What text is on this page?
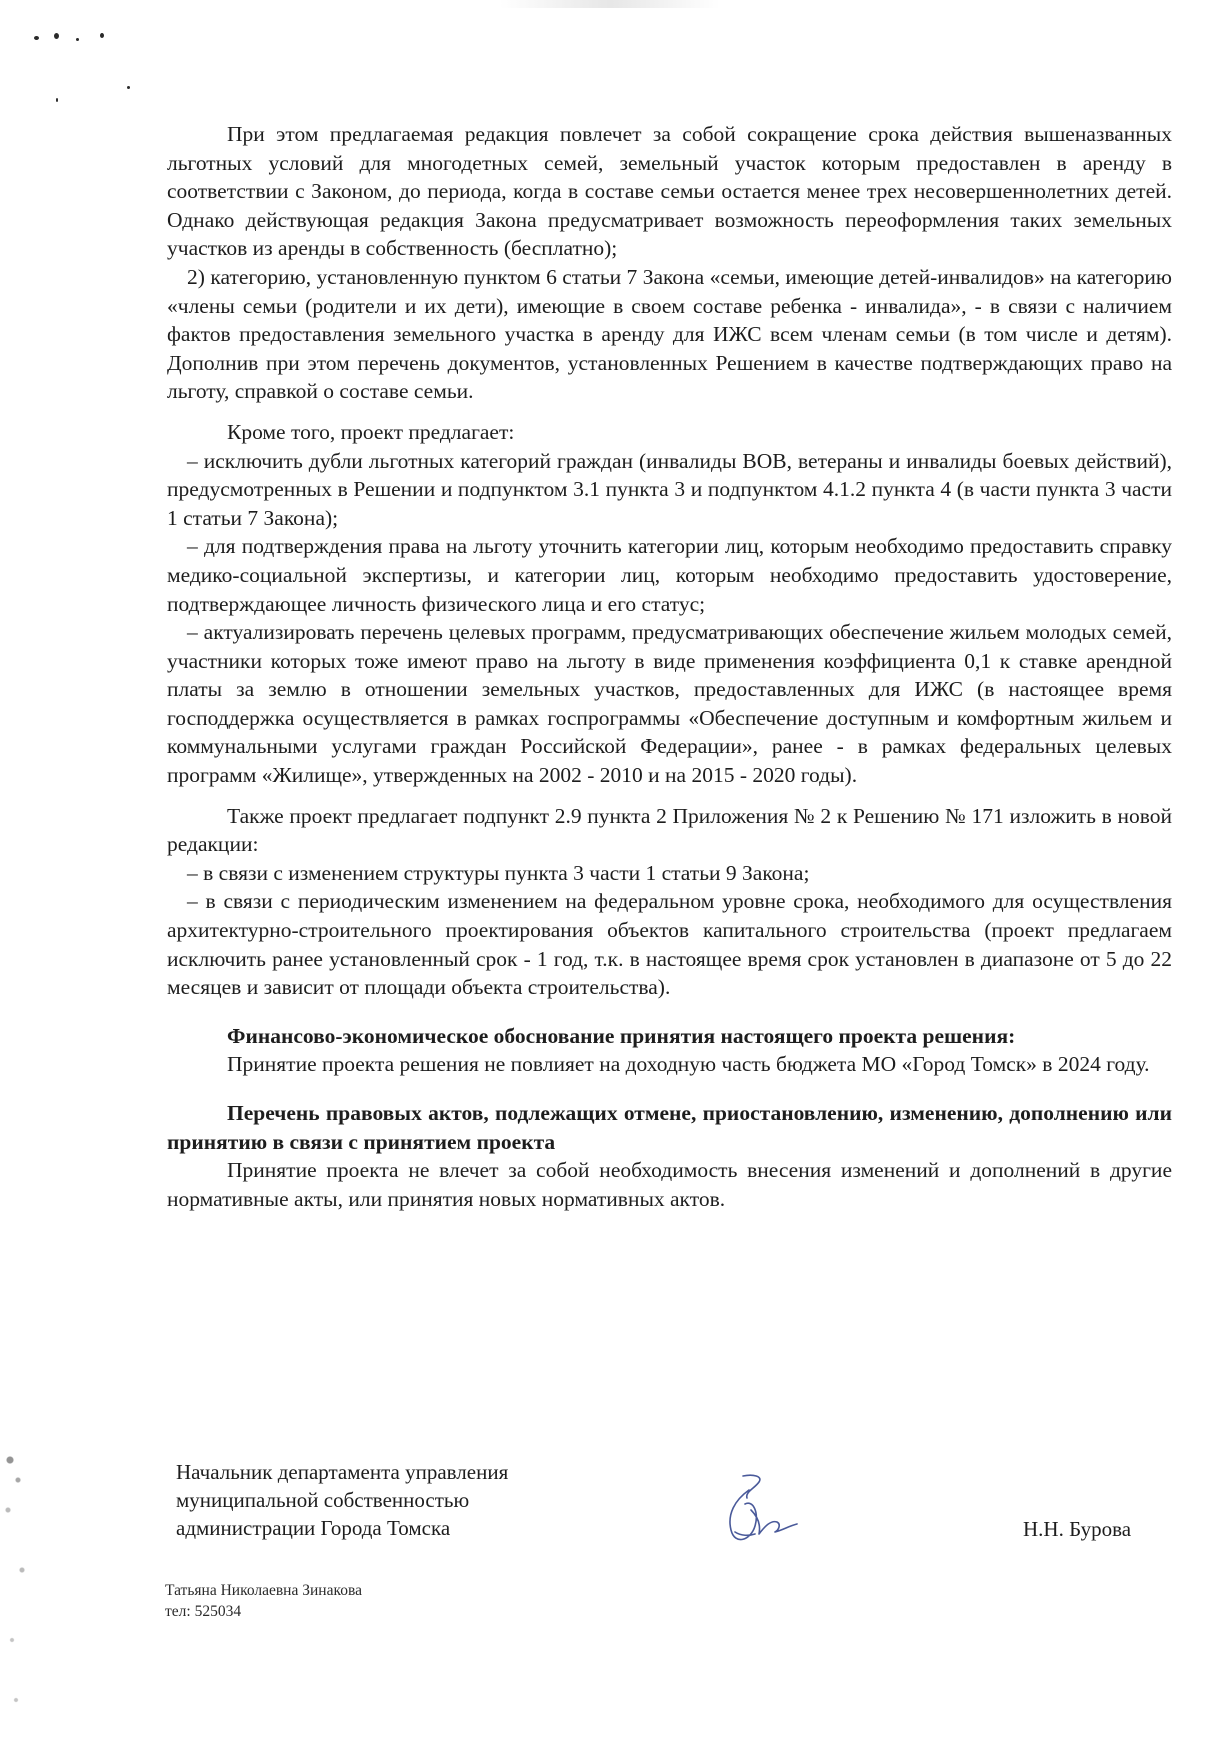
При этом предлагаемая редакция повлечет за собой сокращение срока действия вышеназванных льготных условий для многодетных семей, земельный участок которым предоставлен в аренду в соответствии с Законом, до периода, когда в составе семьи остается менее трех несовершеннолетних детей. Однако действующая редакция Закона предусматривает возможность переоформления таких земельных участков из аренды в собственность (бесплатно);

2) категорию, установленную пунктом 6 статьи 7 Закона «семьи, имеющие детей-инвалидов» на категорию «члены семьи (родители и их дети), имеющие в своем составе ребенка - инвалида», - в связи с наличием фактов предоставления земельного участка в аренду для ИЖС всем членам семьи (в том числе и детям). Дополнив при этом перечень документов, установленных Решением в качестве подтверждающих право на льготу, справкой о составе семьи.

Кроме того, проект предлагает:

– исключить дубли льготных категорий граждан (инвалиды ВОВ, ветераны и инвалиды боевых действий), предусмотренных в Решении и подпунктом 3.1 пункта 3 и подпунктом 4.1.2 пункта 4 (в части пункта 3 части 1 статьи 7 Закона);

– для подтверждения права на льготу уточнить категории лиц, которым необходимо предоставить справку медико-социальной экспертизы, и категории лиц, которым необходимо предоставить удостоверение, подтверждающее личность физического лица и его статус;

– актуализировать перечень целевых программ, предусматривающих обеспечение жильем молодых семей, участники которых тоже имеют право на льготу в виде применения коэффициента 0,1 к ставке арендной платы за землю в отношении земельных участков, предоставленных для ИЖС (в настоящее время господдержка осуществляется в рамках госпрограммы «Обеспечение доступным и комфортным жильем и коммунальными услугами граждан Российской Федерации», ранее - в рамках федеральных целевых программ «Жилище», утвержденных на 2002 - 2010 и на 2015 - 2020 годы).

Также проект предлагает подпункт 2.9 пункта 2 Приложения № 2 к Решению № 171 изложить в новой редакции:

– в связи с изменением структуры пункта 3 части 1 статьи 9 Закона;

– в связи с периодическим изменением на федеральном уровне срока, необходимого для осуществления архитектурно-строительного проектирования объектов капитального строительства (проект предлагаем исключить ранее установленный срок - 1 год, т.к. в настоящее время срок установлен в диапазоне от 5 до 22 месяцев и зависит от площади объекта строительства).

Финансово-экономическое обоснование принятия настоящего проекта решения:

Принятие проекта решения не повлияет на доходную часть бюджета МО «Город Томск» в 2024 году.

Перечень правовых актов, подлежащих отмене, приостановлению, изменению, дополнению или принятию в связи с принятием проекта

Принятие проекта не влечет за собой необходимость внесения изменений и дополнений в другие нормативные акты, или принятия новых нормативных актов.

Начальник департамента управления
муниципальной собственностью
администрации Города Томска	Н.Н. Бурова
Татьяна Николаевна Зинакова
тел: 525034
